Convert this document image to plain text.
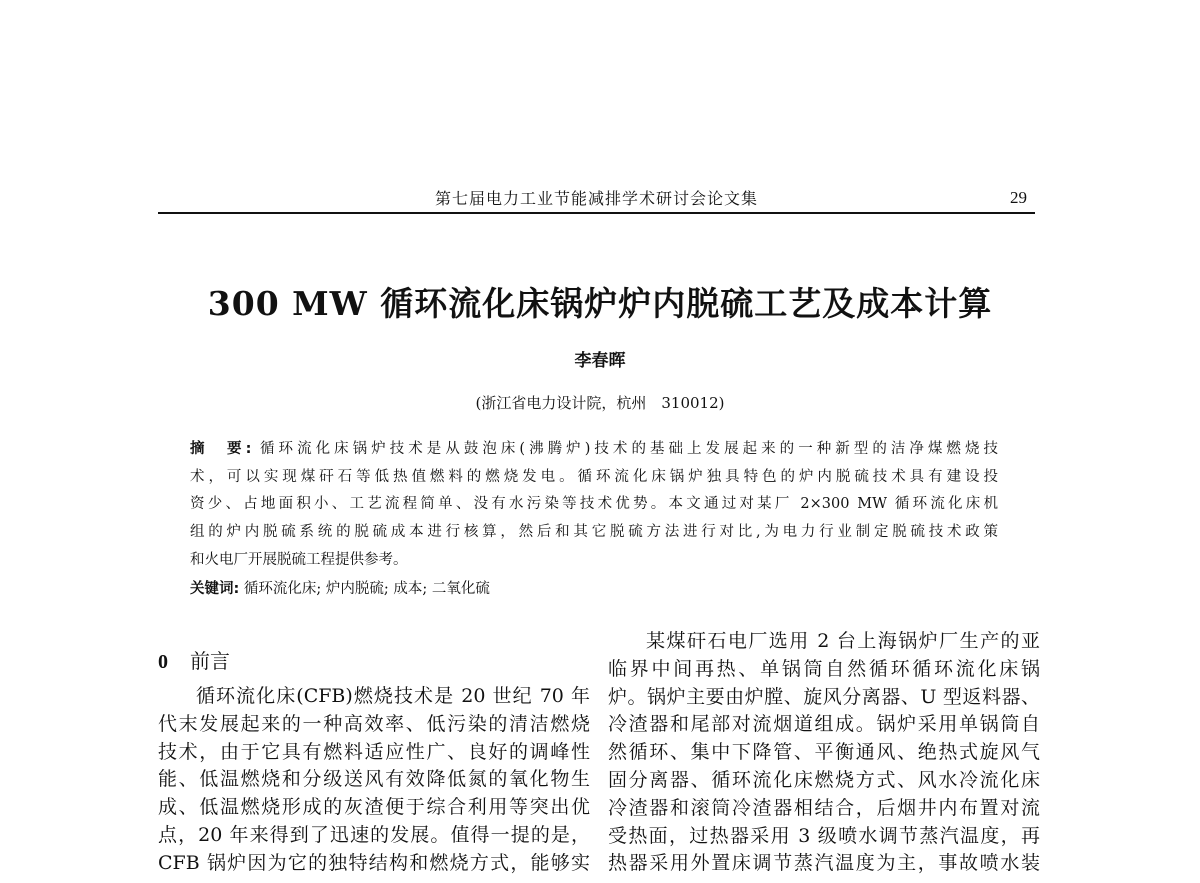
第七届电力工业节能减排学术研讨会论文集	29
300 MW 循环流化床锅炉炉内脱硫工艺及成本计算
李春晖
(浙江省电力设计院，杭州　310012)
摘　要: 循环流化床锅炉技术是从鼓泡床(沸腾炉)技术的基础上发展起来的一种新型的洁净煤燃烧技
术，可以实现煤矸石等低热值燃料的燃烧发电。循环流化床锅炉独具特色的炉内脱硫技术具有建设投
资少、占地面积小、工艺流程简单、没有水污染等技术优势。本文通过对某厂 2×300 MW 循环流化床机
组的炉内脱硫系统的脱硫成本进行核算，然后和其它脱硫方法进行对比,为电力行业制定脱硫技术政策
和火电厂开展脱硫工程提供参考。
关键词: 循环流化床; 炉内脱硫; 成本; 二氧化硫
0 前言
循环流化床(CFB)燃烧技术是 20 世纪 70 年
代末发展起来的一种高效率、低污染的清洁燃烧
技术，由于它具有燃料适应性广、良好的调峰性
能、低温燃烧和分级送风有效降低氮的氧化物生
成、低温燃烧形成的灰渣便于综合利用等突出优
点，20 年来得到了迅速的发展。值得一提的是，
CFB 锅炉因为它的独特结构和燃烧方式，能够实
某煤矸石电厂选用 2 台上海锅炉厂生产的亚
临界中间再热、单锅筒自然循环循环流化床锅
炉。锅炉主要由炉膛、旋风分离器、U 型返料器、
冷渣器和尾部对流烟道组成。锅炉采用单锅筒自
然循环、集中下降管、平衡通风、绝热式旋风气
固分离器、循环流化床燃烧方式、风水冷流化床
冷渣器和滚筒冷渣器相结合，后烟井内布置对流
受热面，过热器采用 3 级喷水调节蒸汽温度，再
热器采用外置床调节蒸汽温度为主，事故喷水装
